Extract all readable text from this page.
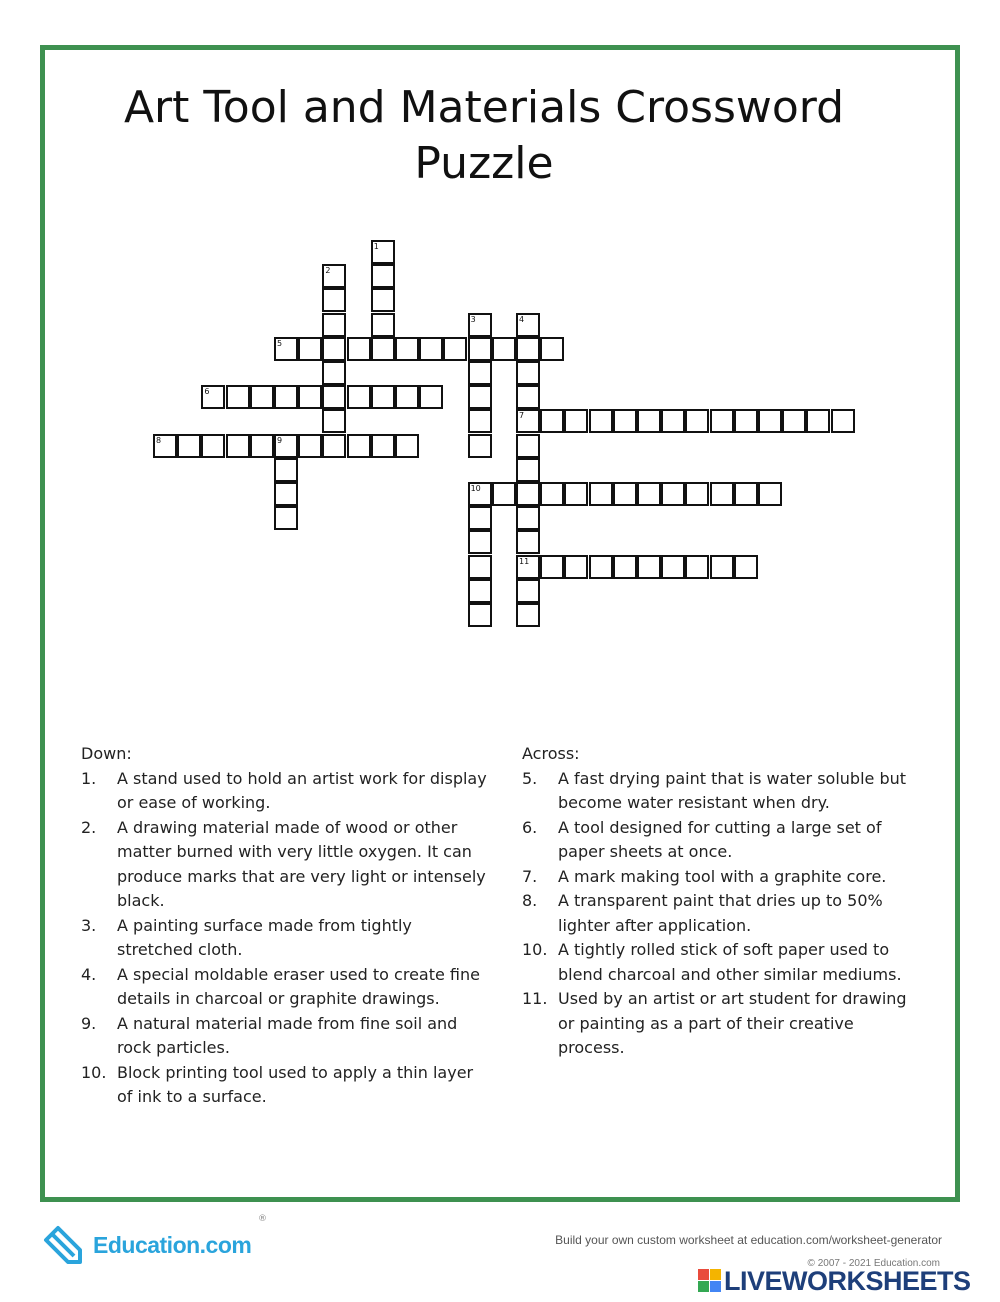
Art Tool and Materials Crossword
Puzzle
1
2
3	4
5
6
7
8	9
10
11
Down:
1.	A stand used to hold an artist work for display or ease of working.
2.	A drawing material made of wood or other matter burned with very little oxygen. It can produce marks that are very light or intensely black.
3.	A painting surface made from tightly stretched cloth.
4.	A special moldable eraser used to create fine details in charcoal or graphite drawings.
9.	A natural material made from fine soil and rock particles.
10. Block printing tool used to apply a thin layer of ink to a surface.
Across:
5.	A fast drying paint that is water soluble but become water resistant when dry.
6.	A tool designed for cutting a large set of paper sheets at once.
7.	A mark making tool with a graphite core.
8.	A transparent paint that dries up to 50% lighter after application.
10. A tightly rolled stick of soft paper used to blend charcoal and other similar mediums.
11. Used by an artist or art student for drawing or painting as a part of their creative process.
Education.com
®
Build your own custom worksheet at education.com/worksheet-generator
© 2007 - 2021 Education.com
LIVEWORKSHEETS
